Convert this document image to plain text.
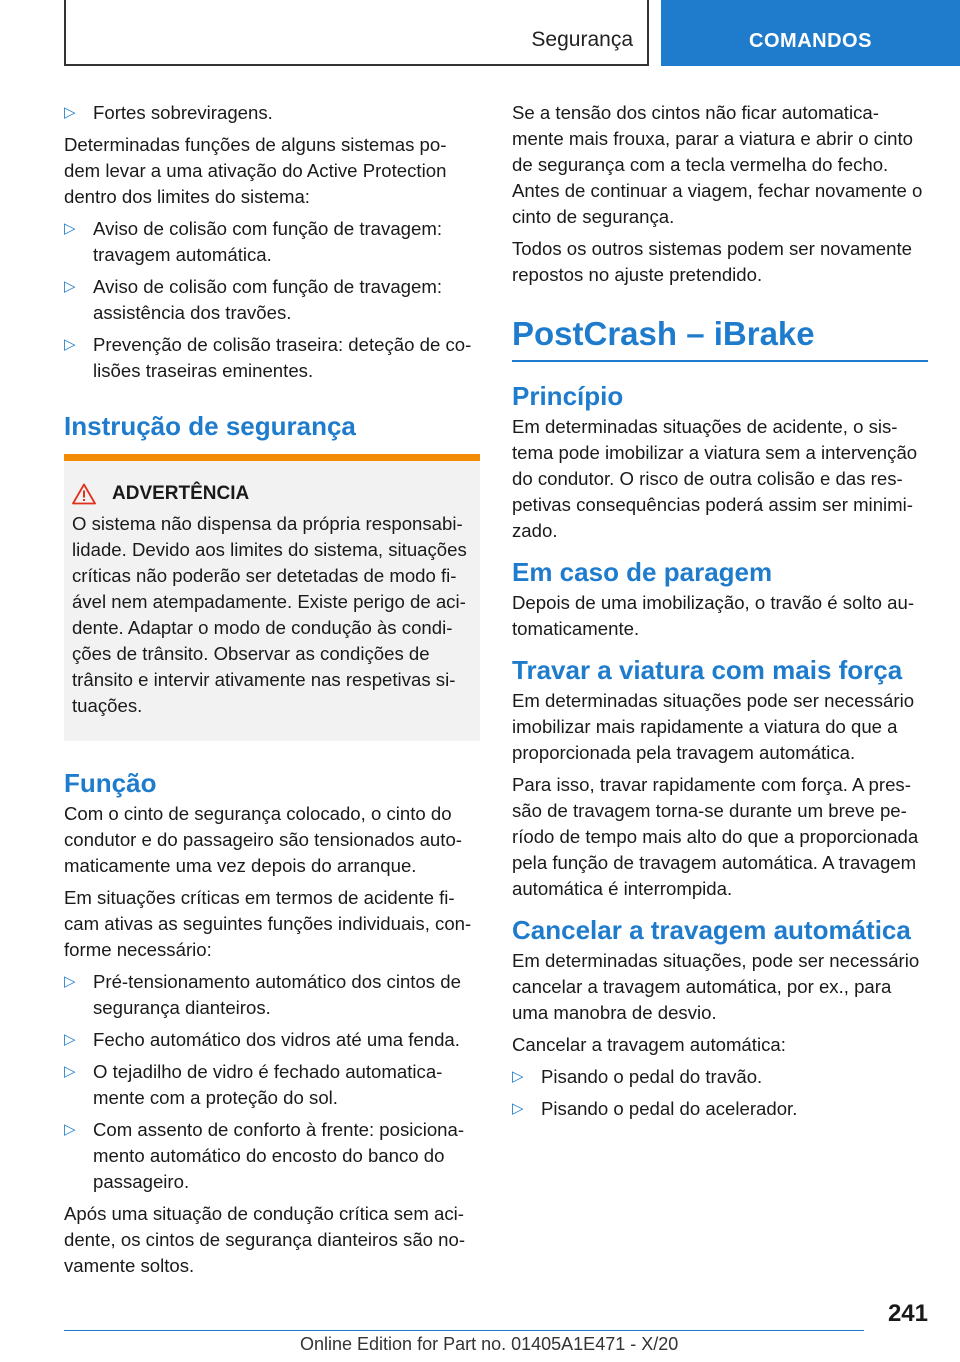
Segurança	COMANDOS
▷ Fortes sobreviragens.

Determinadas funções de alguns sistemas po-dem levar a uma ativação do Active Protection dentro dos limites do sistema:

▷ Aviso de colisão com função de travagem: travagem automática.
▷ Aviso de colisão com função de travagem: assistência dos travões.
▷ Prevenção de colisão traseira: deteção de co-lisões traseiras eminentes.
Instrução de segurança
ADVERTÊNCIA

O sistema não dispensa da própria responsabi-lidade. Devido aos limites do sistema, situações críticas não poderão ser detetadas de modo fi-ável nem atempadamente. Existe perigo de aci-dente. Adaptar o modo de condução às condi-ções de trânsito. Observar as condições de trânsito e intervir ativamente nas respetivas si-tuações.

Função

Com o cinto de segurança colocado, o cinto do condutor e do passageiro são tensionados auto-maticamente uma vez depois do arranque.

Em situações críticas em termos de acidente fi-cam ativas as seguintes funções individuais, con-forme necessário:

▷ Pré-tensionamento automático dos cintos de segurança dianteiros.
▷ Fecho automático dos vidros até uma fenda.
▷ O tejadilho de vidro é fechado automatica-mente com a proteção do sol.
▷ Com assento de conforto à frente: posiciona-mento automático do encosto do banco do passageiro.

Após uma situação de condução crítica sem aci-dente, os cintos de segurança dianteiros são no-vamente soltos.

Se a tensão dos cintos não ficar automatica-mente mais frouxa, parar a viatura e abrir o cinto de segurança com a tecla vermelha do fecho. Antes de continuar a viagem, fechar novamente o cinto de segurança.

Todos os outros sistemas podem ser novamente repostos no ajuste pretendido.

PostCrash – iBrake
Princípio

Em determinadas situações de acidente, o sis-tema pode imobilizar a viatura sem a intervenção do condutor. O risco de outra colisão e das res-petivas consequências poderá assim ser minimi-zado.

Em caso de paragem

Depois de uma imobilização, o travão é solto au-tomaticamente.

Travar a viatura com mais força

Em determinadas situações pode ser necessário imobilizar mais rapidamente a viatura do que a proporcionada pela travagem automática.

Para isso, travar rapidamente com força. A pres-são de travagem torna-se durante um breve pe-ríodo de tempo mais alto do que a proporcionada pela função de travagem automática. A travagem automática é interrompida.

Cancelar a travagem automática

Em determinadas situações, pode ser necessário cancelar a travagem automática, por ex., para uma manobra de desvio.

Cancelar a travagem automática:

▷ Pisando o pedal do travão.
▷ Pisando o pedal do acelerador.
241
Online Edition for Part no. 01405A1E471 - X/20
